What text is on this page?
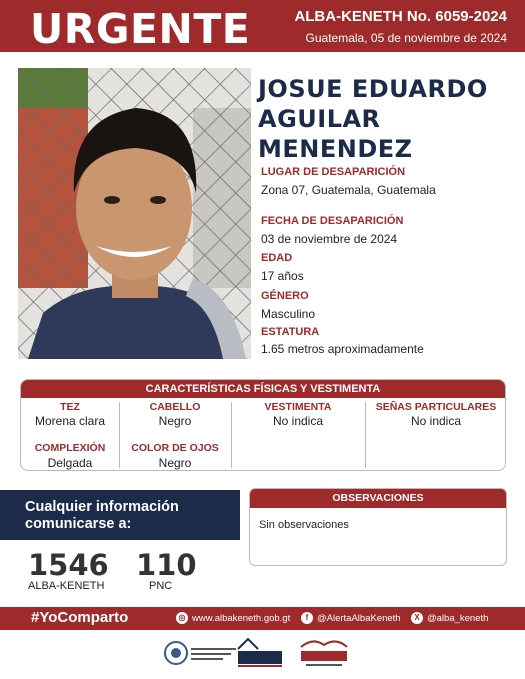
URGENTE	ALBA-KENETH No. 6059-2024
Guatemala, 05 de noviembre de 2024
JOSUE EDUARDO
AGUILAR MENENDEZ
LUGAR DE DESAPARICIÓN
Zona 07, Guatemala, Guatemala
FECHA DE DESAPARICIÓN
03 de noviembre de 2024
EDAD
17 años
GÉNERO
Masculino
ESTATURA
1.65 metros aproximadamente
CARACTERÍSTICAS FÍSICAS Y VESTIMENTA
TEZ
Morena clara
CABELLO
Negro
VESTIMENTA
No indica
SEÑAS PARTICULARES
No indica
COMPLEXIÓN
Delgada
COLOR DE OJOS
Negro
Cualquier información
comunicarse a:
1546
ALBA-KENETH
110
PNC
OBSERVACIONES
Sin observaciones
#YoComparto	◎ www.albakeneth.gob.gt	f @AlertaAlbaKeneth	X @alba_keneth
